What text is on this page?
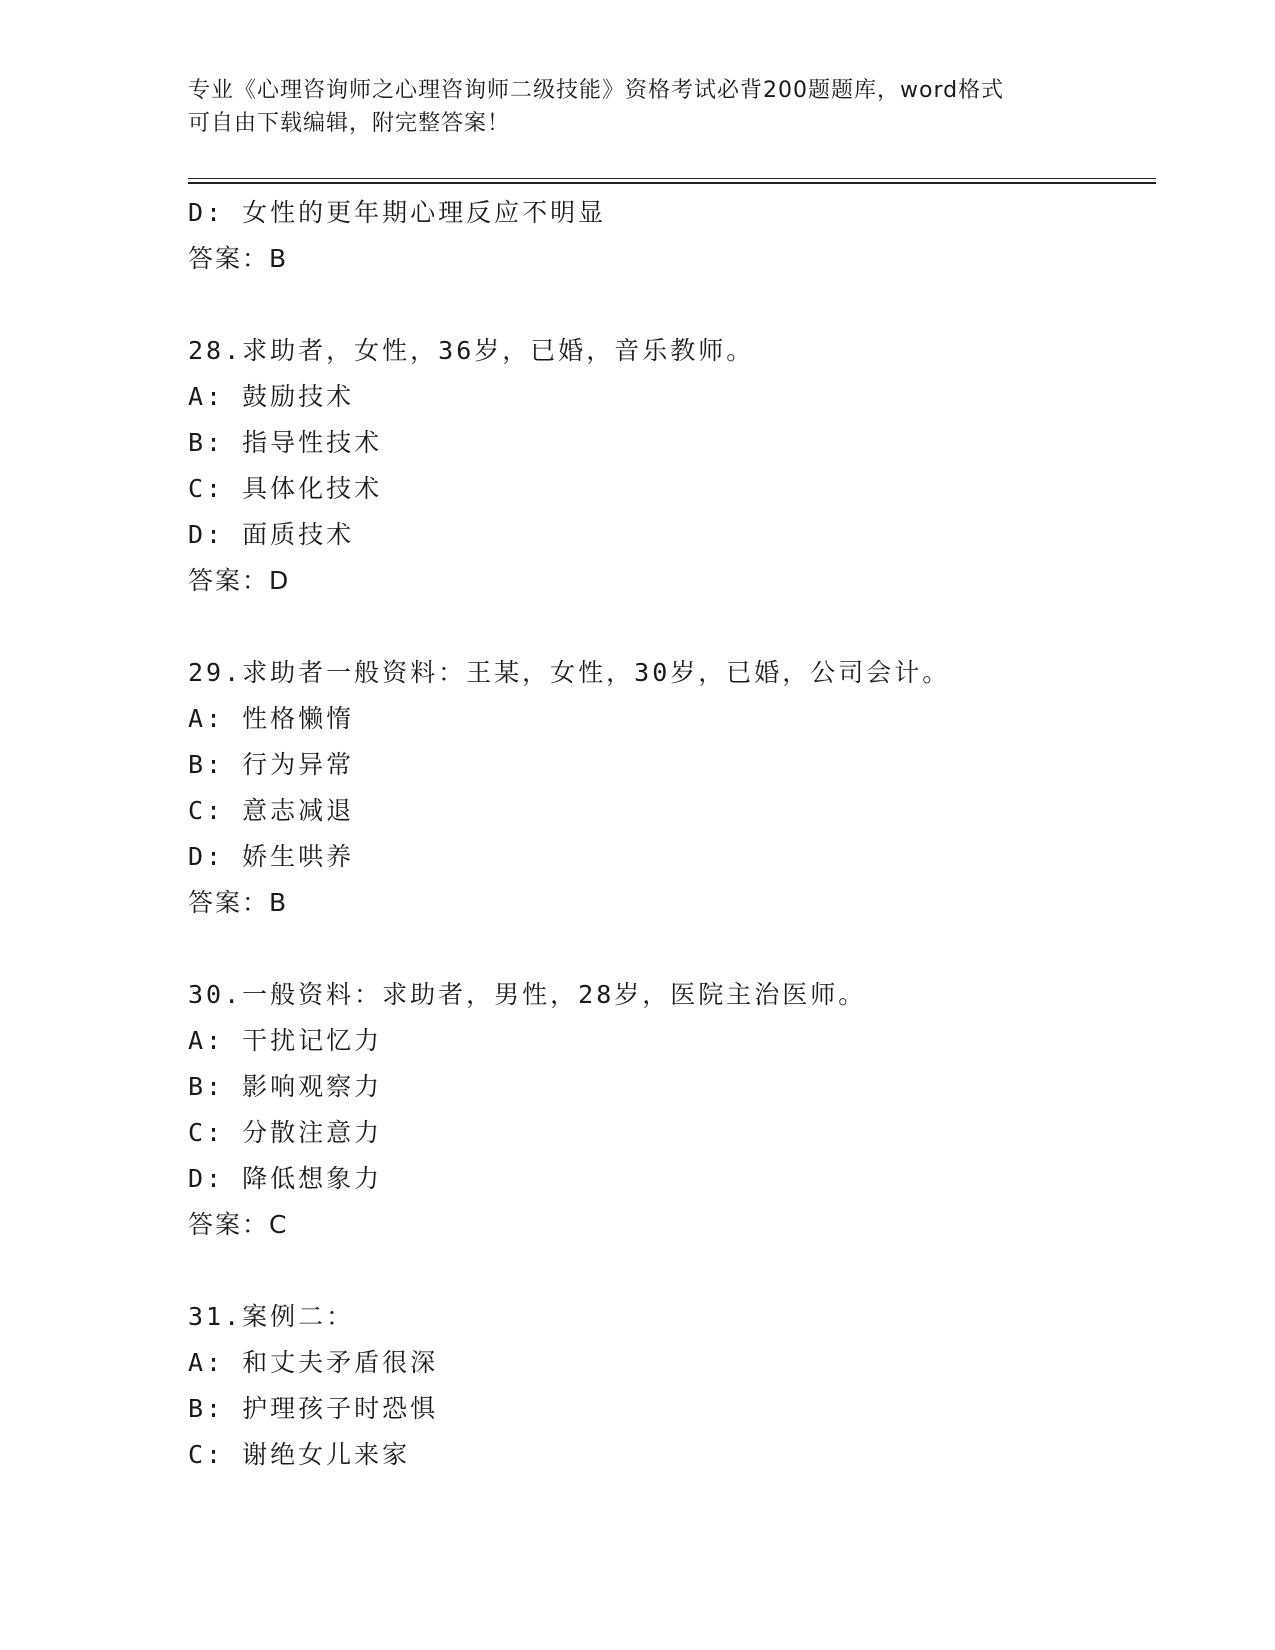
专业《心理咨询师之心理咨询师二级技能》资格考试必背200题题库，word格式
可自由下载编辑，附完整答案！
D: 女性的更年期心理反应不明显
答案：B
28.求助者，女性，36岁，已婚，音乐教师。
A: 鼓励技术
B: 指导性技术
C: 具体化技术
D: 面质技术
答案：D
29.求助者一般资料：王某，女性，30岁，已婚，公司会计。
A: 性格懒惰
B: 行为异常
C: 意志减退
D: 娇生哄养
答案：B
30.一般资料：求助者，男性，28岁，医院主治医师。
A: 干扰记忆力
B: 影响观察力
C: 分散注意力
D: 降低想象力
答案：C
31.案例二：
A: 和丈夫矛盾很深
B: 护理孩子时恐惧
C: 谢绝女儿来家
